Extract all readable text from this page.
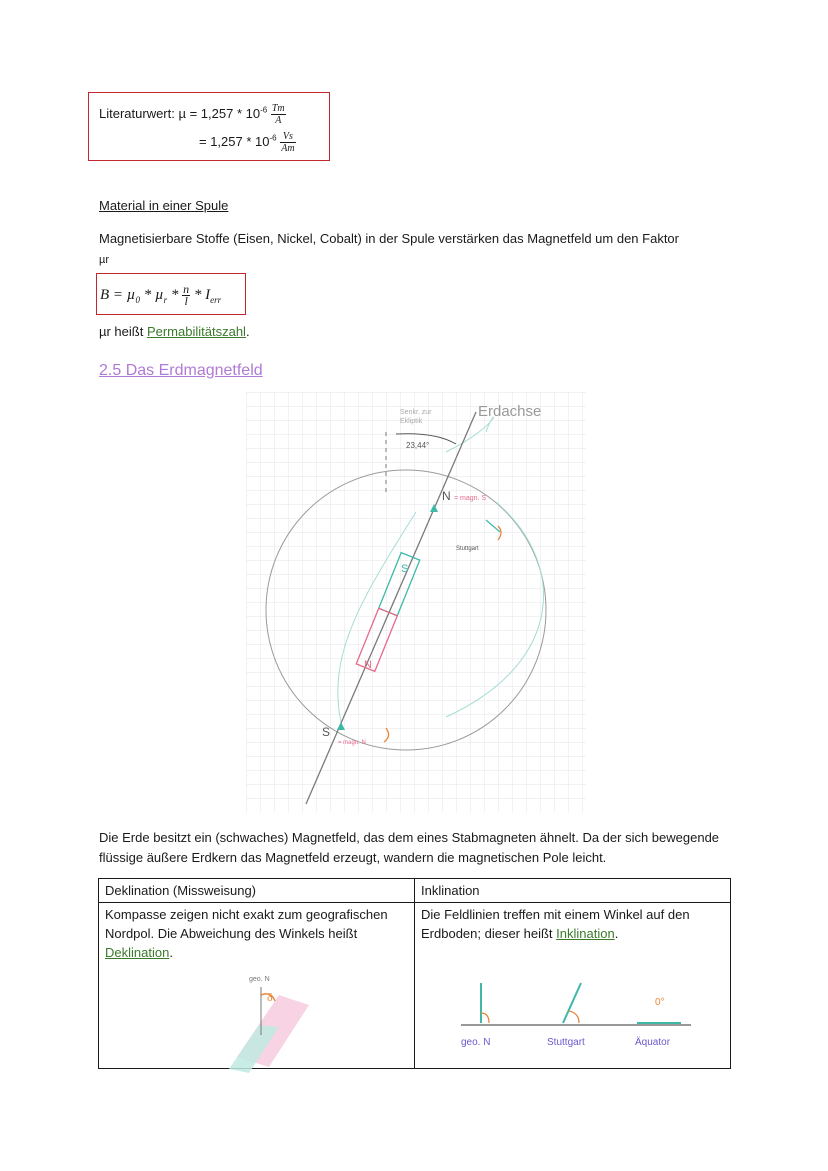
Literaturwert: $\mu = 1,257 * 10^{-6} \frac{Tm}{A}$
= $1,257 * 10^{-6} \frac{Vs}{Am}$
Material in einer Spule
Magnetisierbare Stoffe (Eisen, Nickel, Cobalt) in der Spule verstärken das Magnetfeld um den Faktor
µr
$B = \mu_0 * \mu_r * \frac{n}{l} * I_{err}$
µr heißt Permabilitätszahl.
2.5 Das Erdmagnetfeld
Erdachse
Senkr. zur
Ekliptik
23,44°
N = magn. S
S
= magn. N
S
N
Stuttgart
Die Erde besitzt ein (schwaches) Magnetfeld, das dem eines Stabmagneten ähnelt. Da der sich bewegende flüssige äußere Erdkern das Magnetfeld erzeugt, wandern die magnetischen Pole leicht.
Deklination (Missweisung)	Inklination
Kompasse zeigen nicht exakt zum geografischen Nordpol. Die Abweichung des Winkels heißt Deklination.
geo. N
δ	Die Feldlinien treffen mit einem Winkel auf den Erdboden; dieser heißt Inklination.
geo. N Stuttgart Äquator
0°
